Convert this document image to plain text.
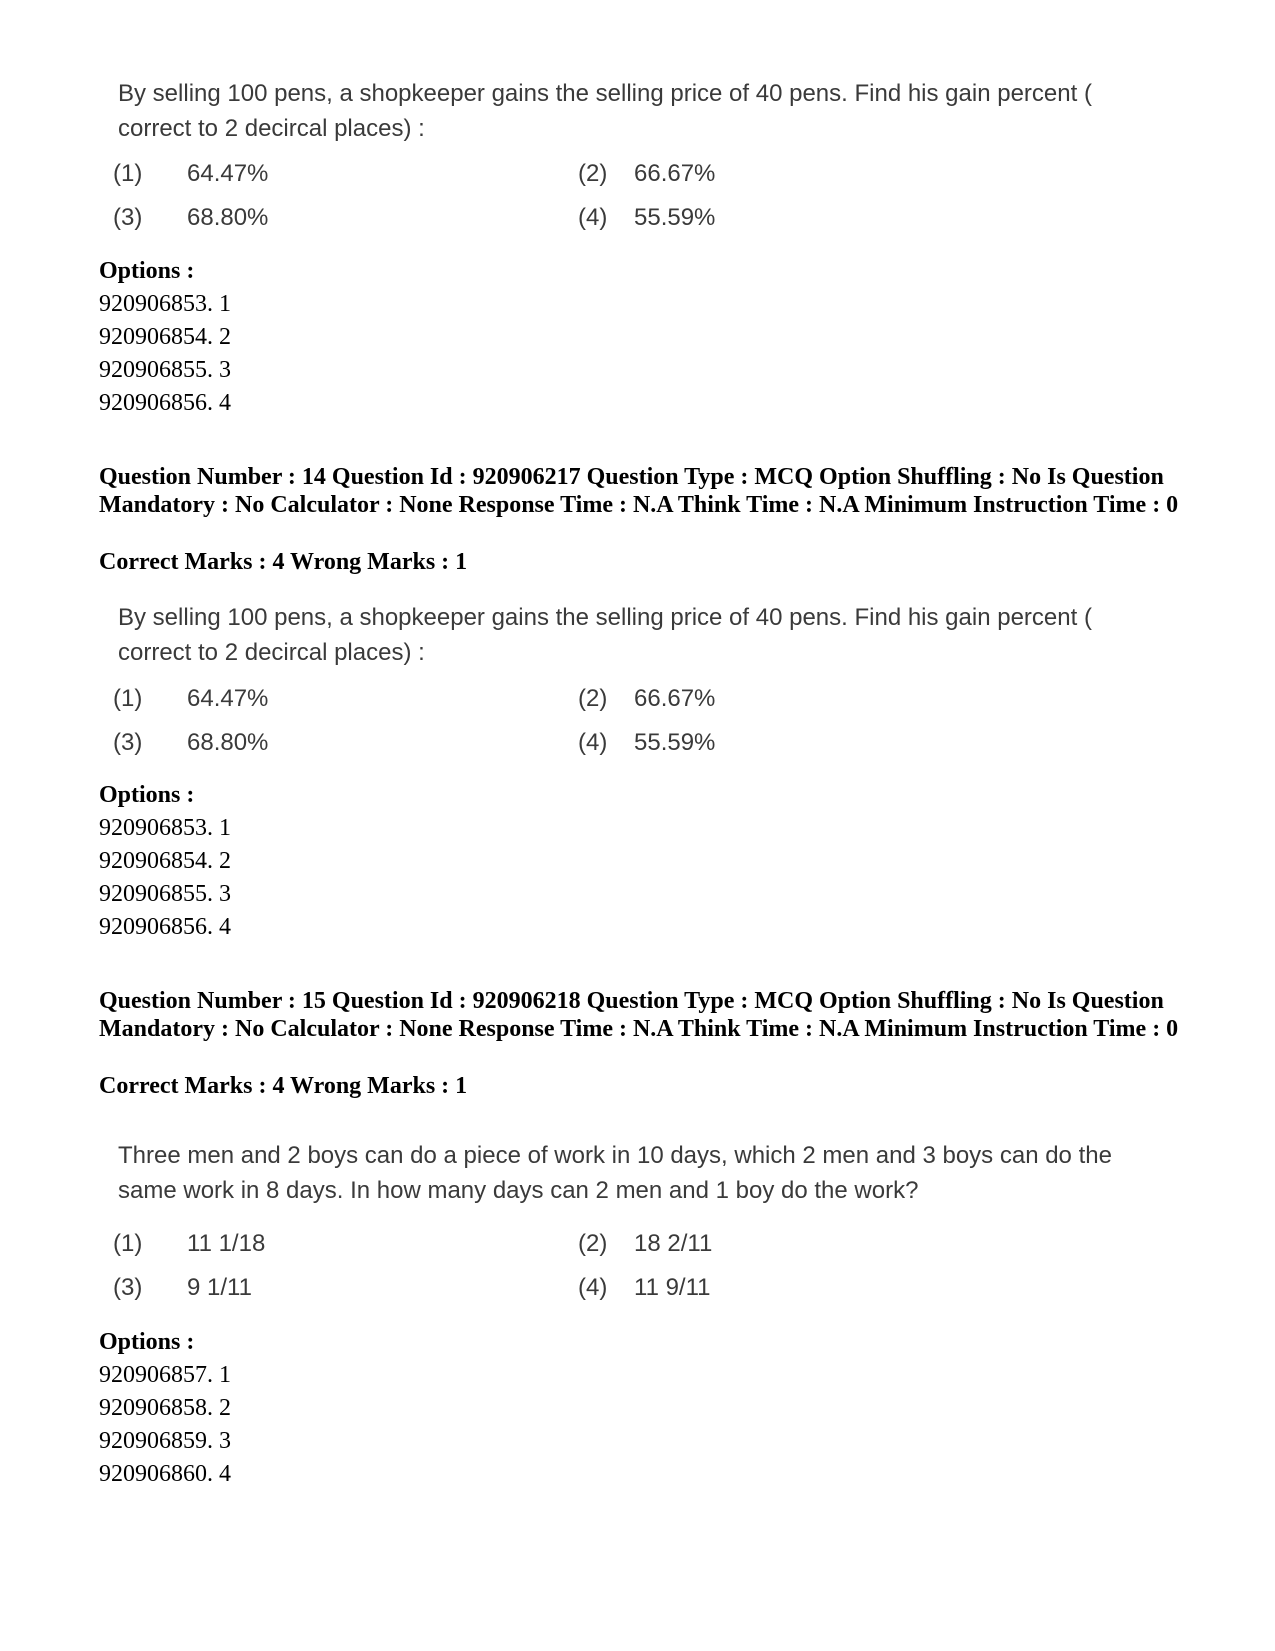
By selling 100 pens, a shopkeeper gains the selling price of 40 pens. Find his gain percent ( correct to 2 decircal places) :

(1) 64.47%	(2) 66.67%
(3) 68.80%	(4) 55.59%
Options :
920906853. 1
920906854. 2
920906855. 3
920906856. 4
Question Number : 14 Question Id : 920906217 Question Type : MCQ Option Shuffling : No Is Question Mandatory : No Calculator : None Response Time : N.A Think Time : N.A Minimum Instruction Time : 0
Correct Marks : 4 Wrong Marks : 1

By selling 100 pens, a shopkeeper gains the selling price of 40 pens. Find his gain percent ( correct to 2 decircal places) :

(1) 64.47%	(2) 66.67%
(3) 68.80%	(4) 55.59%
Options :
920906853. 1
920906854. 2
920906855. 3
920906856. 4
Question Number : 15 Question Id : 920906218 Question Type : MCQ Option Shuffling : No Is Question Mandatory : No Calculator : None Response Time : N.A Think Time : N.A Minimum Instruction Time : 0
Correct Marks : 4 Wrong Marks : 1

Three men and 2 boys can do a piece of work in 10 days, which 2 men and 3 boys can do the same work in 8 days. In how many days can 2 men and 1 boy do the work?

(1) 11 1/18	(2) 18 2/11
(3) 9 1/11	(4) 11 9/11
Options :
920906857. 1
920906858. 2
920906859. 3
920906860. 4
